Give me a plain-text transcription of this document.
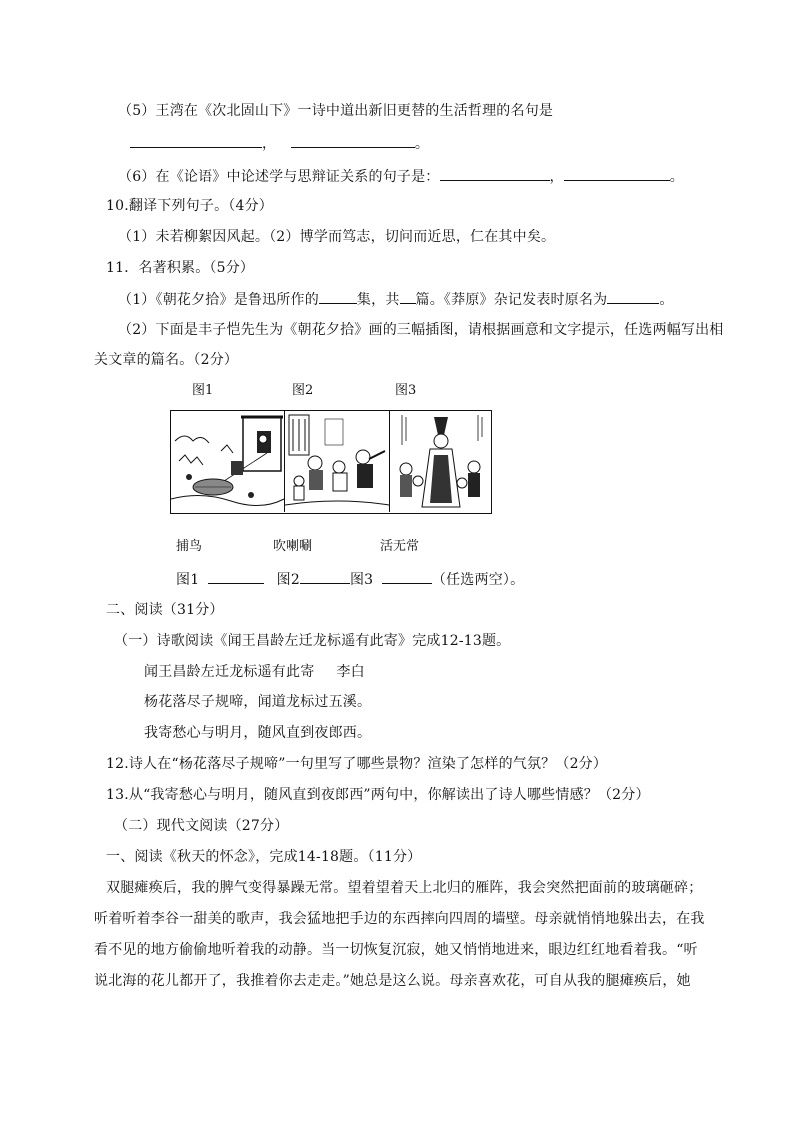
（5）王湾在《次北固山下》一诗中道出新旧更替的生活哲理的名句是
，	。
（6）在《论语》中论述学与思辩证关系的句子是：	，	。
10.翻译下列句子。（4分）
（1）未若柳絮因风起。（2）博学而笃志，切问而近思，仁在其中矣。
11．名著积累。（5分）
（1）《朝花夕拾》是鲁迅所作的	集，共 篇。《莽原》杂记发表时原名为	。
（2）下面是丰子恺先生为《朝花夕拾》画的三幅插图，请根据画意和文字提示，任选两幅写出相
关文章的篇名。（2分）
图1	图2	图3
捕鸟	吹喇唰	活无常
图1	图2	图3	（任选两空）。
二、阅读（31分）
（一）诗歌阅读《闻王昌龄左迁龙标遥有此寄》完成12-13题。
闻王昌龄左迁龙标遥有此寄 李白
杨花落尽子规啼，闻道龙标过五溪。
我寄愁心与明月，随风直到夜郎西。
12.诗人在“杨花落尽子规啼”一句里写了哪些景物？渲染了怎样的气氛？（2分）
13.从“我寄愁心与明月，随风直到夜郎西”两句中，你解读出了诗人哪些情感？（2分）
（二）现代文阅读（27分）
一、阅读《秋天的怀念》，完成14-18题。（11分）
双腿瘫痪后，我的脾气变得暴躁无常。望着望着天上北归的雁阵，我会突然把面前的玻璃砸碎；
听着听着李谷一甜美的歌声，我会猛地把手边的东西摔向四周的墙壁。母亲就悄悄地躲出去，在我
看不见的地方偷偷地听着我的动静。当一切恢复沉寂，她又悄悄地进来，眼边红红地看着我。“听
说北海的花儿都开了，我推着你去走走。”她总是这么说。母亲喜欢花，可自从我的腿瘫痪后，她
